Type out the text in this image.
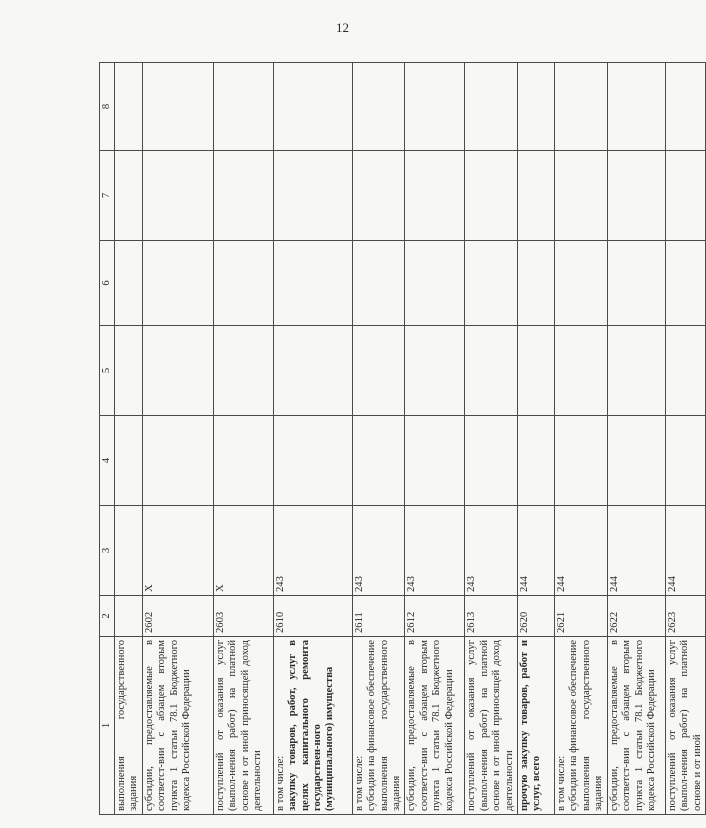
12
1	2	3	4	5	6	7	8
выполнения государственного задания							
субсидии, предоставляемые в соответст-вии с абзацем вторым пункта 1 статьи 78.1 Бюджетного кодекса Российской Федерации	2602	X					
поступлений от оказания услуг (выпол-нения работ) на платной основе и от иной приносящей доход деятельности	2603	X					

в том числе: закупку товаров, работ, услуг в целях капитального ремонта государствен-ного (муниципального) имущества	2610	243					

в том числе: субсидии на финансовое обеспечение выполнения государственного задания	2611	243					
субсидии, предоставляемые в соответст-вии с абзацем вторым пункта 1 статьи 78.1 Бюджетного кодекса Российской Федерации	2612	243					
поступлений от оказания услуг (выпол-нения работ) на платной основе и от иной приносящей доход деятельности	2613	243					
прочую закупку товаров, работ и услуг, всего	2620	244					

в том числе: субсидии на финансовое обеспечение выполнения государственного задания	2621	244					
субсидии, предоставляемые в соответст-вии с абзацем вторым пункта 1 статьи 78.1 Бюджетного кодекса Российской Федерации	2622	244					
поступлений от оказания услуг (выпол-нения работ) на платной основе и от иной	2623	244					
